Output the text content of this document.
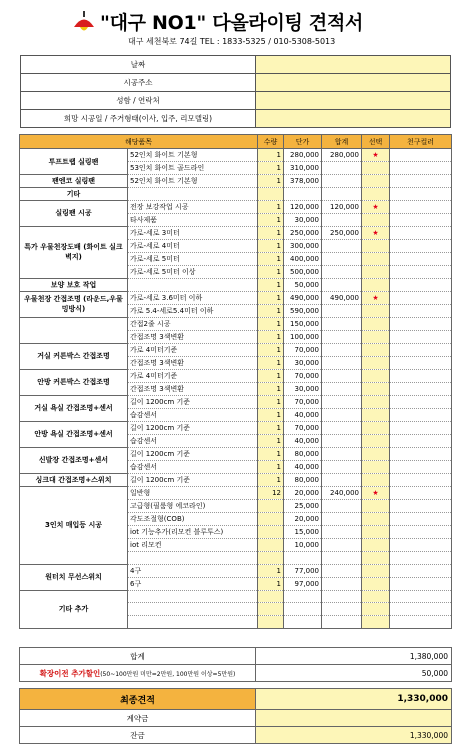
"대구 NO1" 다올라이팅 견적서
대구 세천북로 74길 TEL : 1833-5325 / 010-5308-5013
날짜	
시공주소	
성함 / 연락처	
희망 시공일 / 주거형태(이사, 입주, 리모델링)	
해당품목		수량	단가	합계	선택	천구컬러
투프트랩 실링팬	52인치 화이트 기본형	1	280,000	280,000	★	
	53인치 화이트 골드라인	1	310,000			
팬엔코 실링팬	52인치 화이트 기본형	1	378,000			
기타						
실링팬 시공	전장 보강작업 시공	1	120,000	120,000	★	
	타사제품	1	30,000			
특가 우물천장도배 (화이트 실크벽지)	가로-세로 3미터	1	250,000	250,000	★	
	가로-세로 4미터	1	300,000			
	가로-세로 5미터	1	400,000			
	가로-세로 5미터 이상	1	500,000			
보양 보호 작업		1	50,000			
우물천장 간접조명 (라운드,우물밍방식)	가로-세로 3.6미터 이하	1	490,000	490,000	★	
	가로 5.4-세로5.4미터 이하	1	590,000			
	간접2줄 시공	1	150,000			
	간접조명 3색변환	1	100,000			
거실 커튼박스 간접조명	가로 4미터기준	1	70,000			
	간접조명 3색변환	1	30,000			
안방 커튼박스 간접조명	가로 4미터기준	1	70,000			
	간접조명 3색변환	1	30,000			
거실 욕실 간접조명+센서	길이 1200cm 기준	1	70,000			
	습감센서	1	40,000			
안방 욕실 간접조명+센서	길이 1200cm 기준	1	70,000			
	습감센서	1	40,000			
신발장 간접조명+센서	길이 1200cm 기준	1	80,000			
	습감센서	1	40,000			
싱크대 간접조명+스위치	길이 1200cm 기준	1	80,000			
3인치 매입등 시공	일반형	12	20,000	240,000	★	
	고급형(필룸형 에코라인)		25,000			
	각도조절형(COB)		20,000			
	iot 기능추가(리모컨 블루투스)		15,000			
	iot 리모컨		10,000			

원터치 무선스위치	4구	1	77,000			
	6구	1	97,000			
기타 추가						

합계	1,380,000
확장이전 추가할인(50~100만원 미만=2만원, 100만원 이상=5만원)	50,000
최종견적	1,330,000
계약금	
잔금	1,330,000
